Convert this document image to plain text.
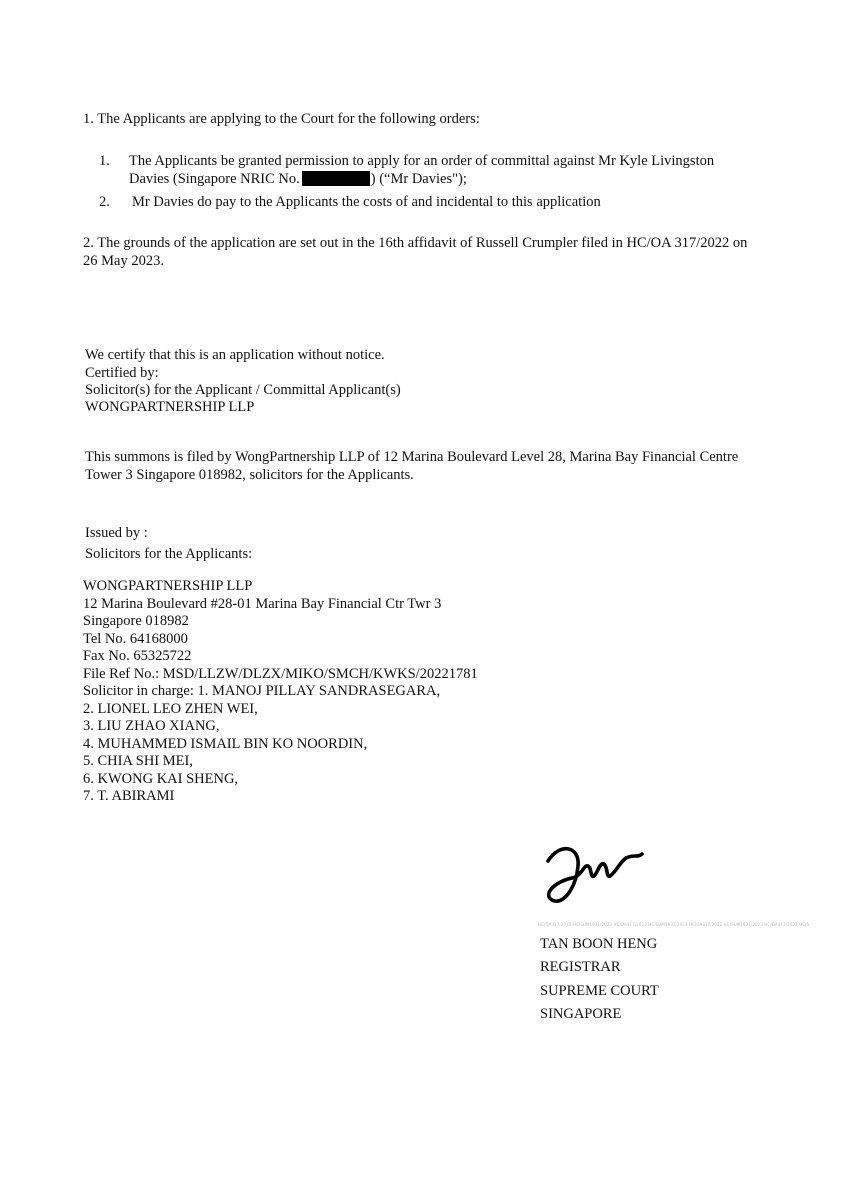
1. The Applicants are applying to the Court for the following orders:
1. The Applicants be granted permission to apply for an order of committal against Mr Kyle Livingston
Davies (Singapore NRIC No.	) (“Mr Davies");
2. Mr Davies do pay to the Applicants the costs of and incidental to this application
2. The grounds of the application are set out in the 16th affidavit of Russell Crumpler filed in HC/OA 317/2022 on
26 May 2023.
We certify that this is an application without notice.
Certified by:
Solicitor(s) for the Applicant / Committal Applicant(s)
WONGPARTNERSHIP LLP
This summons is filed by WongPartnership LLP of 12 Marina Boulevard Level 28, Marina Bay Financial Centre
Tower 3 Singapore 018982, solicitors for the Applicants.
Issued by :
Solicitors for the Applicants:
WONGPARTNERSHIP LLP
12 Marina Boulevard #28-01 Marina Bay Financial Ctr Twr 3
Singapore 018982
Tel No. 64168000
Fax No. 65325722
File Ref No.: MSD/LLZW/DLZX/MIKO/SMCH/KWKS/20221781
Solicitor in charge: 1. MANOJ PILLAY SANDRASEGARA,
2. LIONEL LEO ZHEN WEI,
3. LIU ZHAO XIANG,
4. MUHAMMED ISMAIL BIN KO NOORDIN,
5. CHIA SHI MEI,
6. KWONG KAI SHENG,
7. T. ABIRAMI
HC/OA317/2022 HC/SUM1931/2023 HC/OA317/2022 HC/SUM1931/2023 HC/OA317/2022 HC/SUM1931/2023 HC/OA317/2022 HC/S
TAN BOON HENG
REGISTRAR
SUPREME COURT
SINGAPORE
